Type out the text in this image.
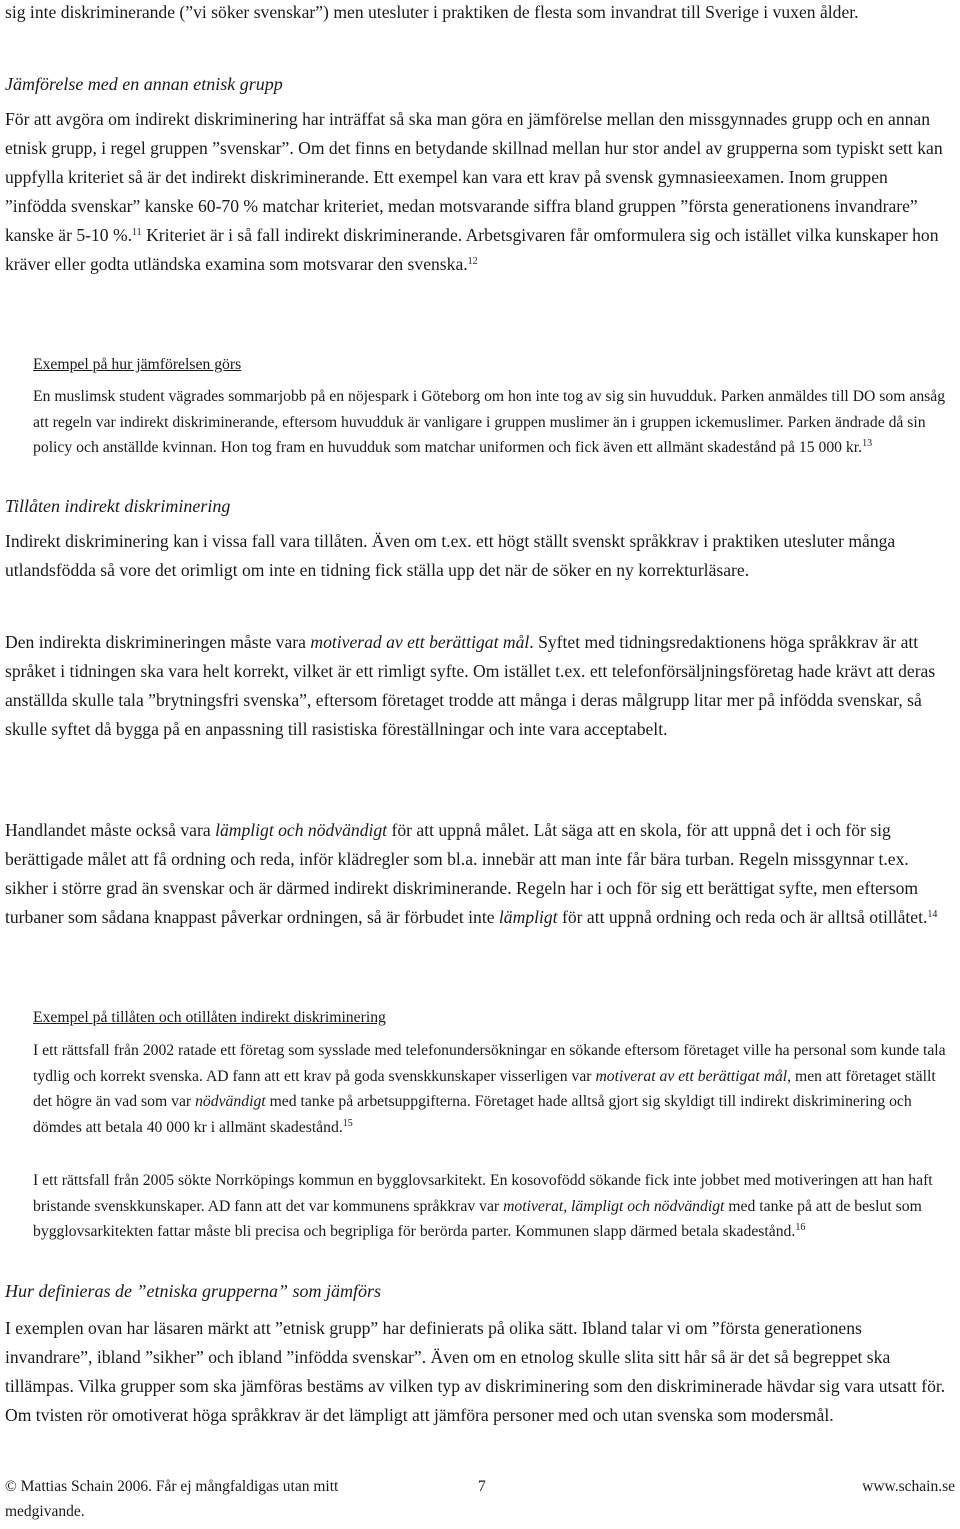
sig inte diskriminerande (”vi söker svenskar”) men utesluter i praktiken de flesta som invandrat till Sverige i vuxen ålder.

Jämförelse med en annan etnisk grupp

För att avgöra om indirekt diskriminering har inträffat så ska man göra en jämförelse mellan den missgynnades grupp och en annan etnisk grupp, i regel gruppen ”svenskar”. Om det finns en betydande skillnad mellan hur stor andel av grupperna som typiskt sett kan uppfylla kriteriet så är det indirekt diskriminerande. Ett exempel kan vara ett krav på svensk gymnasieexamen. Inom gruppen ”infödda svenskar” kanske 60-70 % matchar kriteriet, medan motsvarande siffra bland gruppen ”första generationens invandrare” kanske är 5-10 %.$^{11}$ Kriteriet är i så fall indirekt diskriminerande. Arbetsgivaren får omformulera sig och istället vilka kunskaper hon kräver eller godta utländska examina som motsvarar den svenska.$^{12}$

Exempel på hur jämförelsen görs

En muslimsk student vägrades sommarjobb på en nöjespark i Göteborg om hon inte tog av sig sin huvudduk. Parken anmäldes till DO som ansåg att regeln var indirekt diskriminerande, eftersom huvudduk är vanligare i gruppen muslimer än i gruppen ickemuslimer. Parken ändrade då sin policy och anställde kvinnan. Hon tog fram en huvudduk som matchar uniformen och fick även ett allmänt skadestånd på 15 000 kr.$^{13}$

Tillåten indirekt diskriminering

Indirekt diskriminering kan i vissa fall vara tillåten. Även om t.ex. ett högt ställt svenskt språkkrav i praktiken utesluter många utlandsfödda så vore det orimligt om inte en tidning fick ställa upp det när de söker en ny korrekturläsare.

Den indirekta diskrimineringen måste vara motiverad av ett berättigat mål. Syftet med tidningsredaktionens höga språkkrav är att språket i tidningen ska vara helt korrekt, vilket är ett rimligt syfte. Om istället t.ex. ett telefonförsäljningsföretag hade krävt att deras anställda skulle tala ”brytningsfri svenska”, eftersom företaget trodde att många i deras målgrupp litar mer på infödda svenskar, så skulle syftet då bygga på en anpassning till rasistiska föreställningar och inte vara acceptabelt.

Handlandet måste också vara lämpligt och nödvändigt för att uppnå målet. Låt säga att en skola, för att uppnå det i och för sig berättigade målet att få ordning och reda, inför klädregler som bl.a. innebär att man inte får bära turban. Regeln missgynnar t.ex. sikher i större grad än svenskar och är därmed indirekt diskriminerande. Regeln har i och för sig ett berättigat syfte, men eftersom turbaner som sådana knappast påverkar ordningen, så är förbudet inte lämpligt för att uppnå ordning och reda och är alltså otillåtet.$^{14}$

Exempel på tillåten och otillåten indirekt diskriminering

I ett rättsfall från 2002 ratade ett företag som sysslade med telefonundersökningar en sökande eftersom företaget ville ha personal som kunde tala tydlig och korrekt svenska. AD fann att ett krav på goda svenskkunskaper visserligen var motiverat av ett berättigat mål, men att företaget ställt det högre än vad som var nödvändigt med tanke på arbetsuppgifterna. Företaget hade alltså gjort sig skyldigt till indirekt diskriminering och dömdes att betala 40 000 kr i allmänt skadestånd.$^{15}$

I ett rättsfall från 2005 sökte Norrköpings kommun en bygglovsarkitekt. En kosovofödd sökande fick inte jobbet med motiveringen att han haft bristande svenskkunskaper. AD fann att det var kommunens språkkrav var motiverat, lämpligt och nödvändigt med tanke på att de beslut som bygglovsarkitekten fattar måste bli precisa och begripliga för berörda parter. Kommunen slapp därmed betala skadestånd.$^{16}$

Hur definieras de ”etniska grupperna” som jämförs

I exemplen ovan har läsaren märkt att ”etnisk grupp” har definierats på olika sätt. Ibland talar vi om ”första generationens invandrare”, ibland ”sikher” och ibland ”infödda svenskar”. Även om en etnolog skulle slita sitt hår så är det så begreppet ska tillämpas. Vilka grupper som ska jämföras bestäms av vilken typ av diskriminering som den diskriminerade hävdar sig vara utsatt för. Om tvisten rör omotiverat höga språkkrav är det lämpligt att jämföra personer med och utan svenska som modersmål.

© Mattias Schain 2006. Får ej mångfaldigas utan mitt medgivande.
7	www.schain.se
